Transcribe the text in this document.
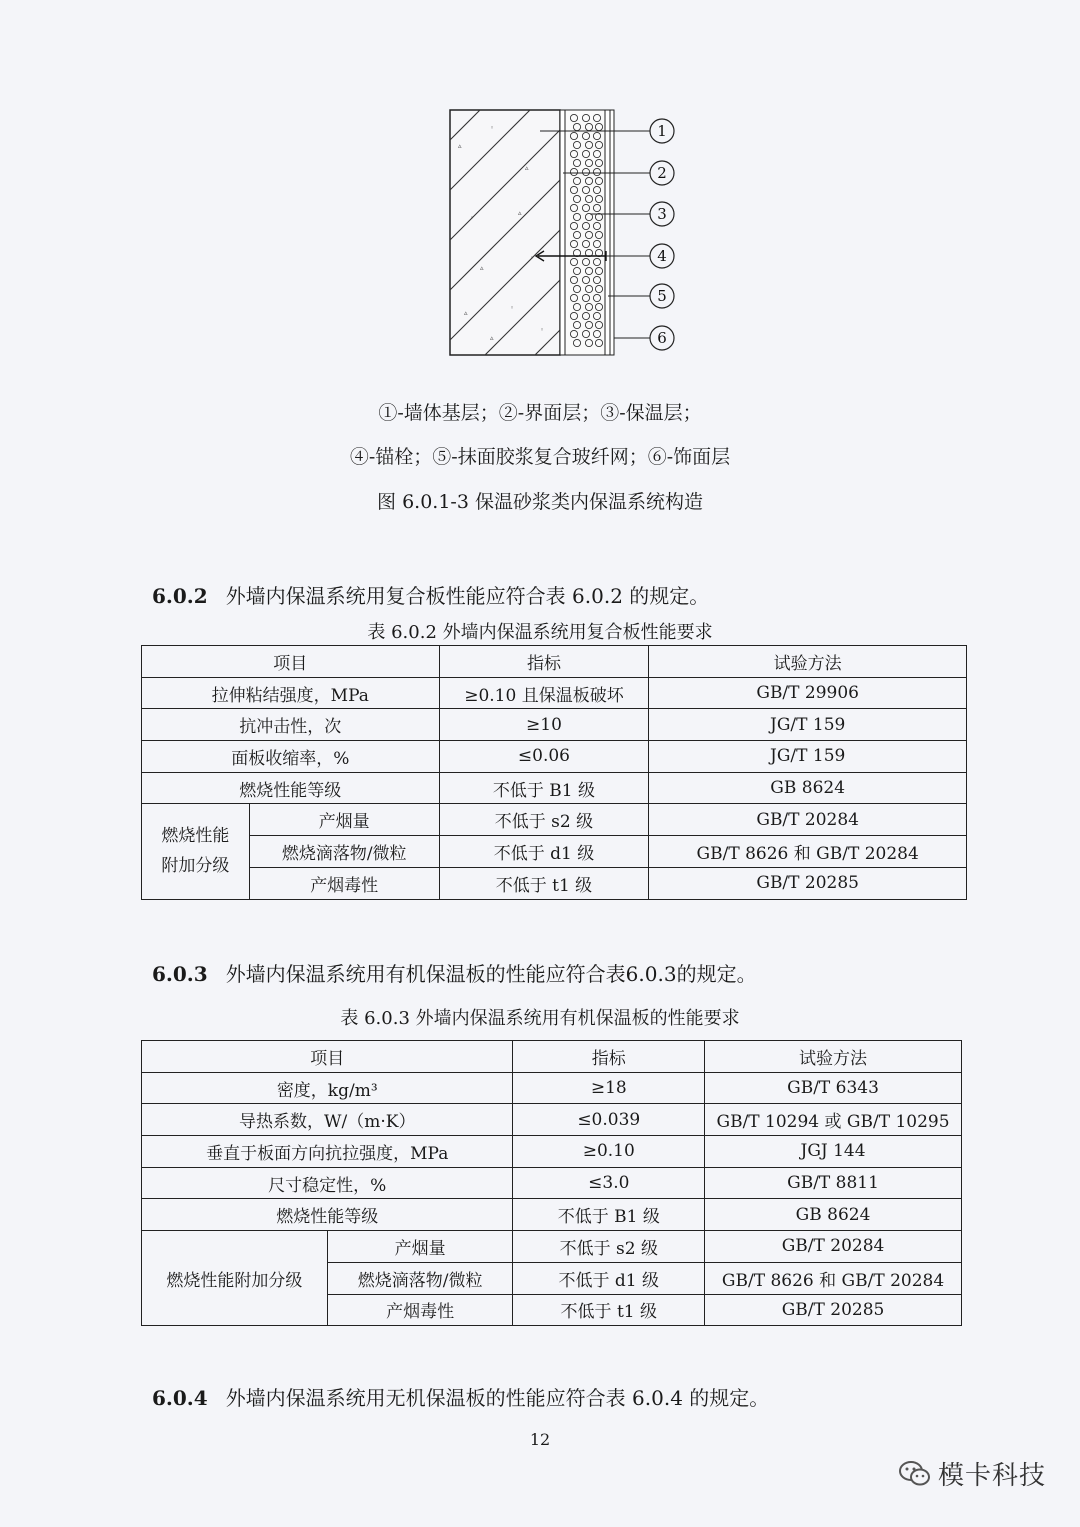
▵
◦
▵
◦
▵
▵
◦
▵
◦
▵
◦
1
2
3
4
5
6
①-墙体基层；②-界面层；③-保温层；
④-锚栓；⑤-抹面胶浆复合玻纤网；⑥-饰面层
图 6.0.1-3 保温砂浆类内保温系统构造
6.0.2 外墙内保温系统用复合板性能应符合表 6.0.2 的规定。
表 6.0.2 外墙内保温系统用复合板性能要求
项目		指标	试验方法
拉伸粘结强度，MPa		≥0.10 且保温板破坏	GB/T 29906
抗冲击性，次		≥10	JG/T 159
面板收缩率，%		≤0.06	JG/T 159
燃烧性能等级		不低于 B1 级	GB 8624

燃烧性能
附加分级	产烟量	不低于 s2 级	GB/T 20284
	燃烧滴落物/微粒	不低于 d1 级	GB/T 8626 和 GB/T 20284
	产烟毒性	不低于 t1 级	GB/T 20285
6.0.3 外墙内保温系统用有机保温板的性能应符合表6.0.3的规定。
表 6.0.3 外墙内保温系统用有机保温板的性能要求
项目		指标	试验方法
密度，kg/m³		≥18	GB/T 6343
导热系数，W/（m·K）		≤0.039	GB/T 10294 或 GB/T 10295
垂直于板面方向抗拉强度，MPa		≥0.10	JGJ 144
尺寸稳定性，%		≤3.0	GB/T 8811
燃烧性能等级		不低于 B1 级	GB 8624
燃烧性能附加分级	产烟量	不低于 s2 级	GB/T 20284
	燃烧滴落物/微粒	不低于 d1 级	GB/T 8626 和 GB/T 20284
	产烟毒性	不低于 t1 级	GB/T 20285
6.0.4 外墙内保温系统用无机保温板的性能应符合表 6.0.4 的规定。
12
模卡科技
